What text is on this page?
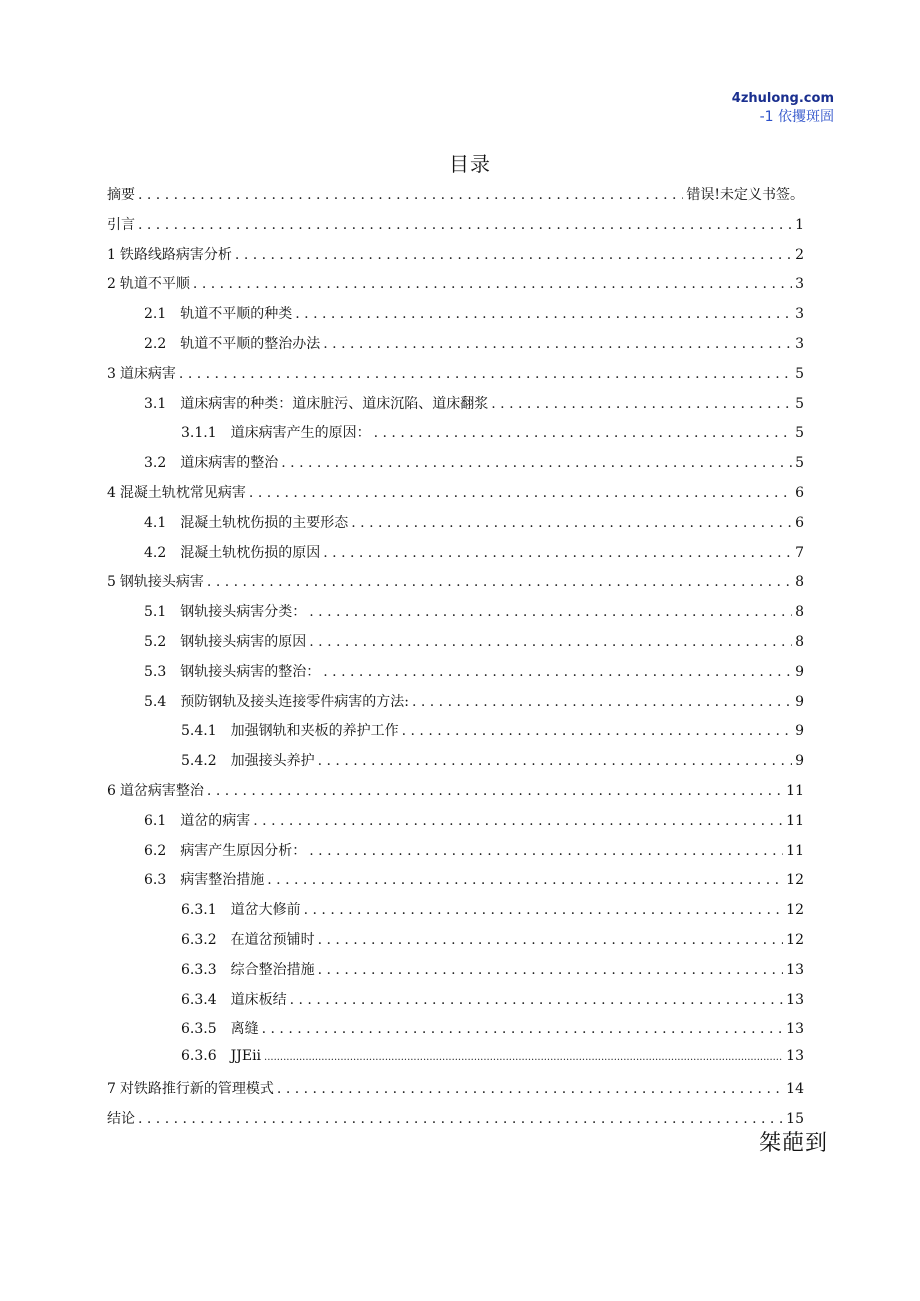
4zhulong.com
-1 依攫斑圄
目录
摘要 . . .	错误!未定义书签。
引言 . . .	1
1 铁路线路病害分析 . . .	2
2 轨道不平顺 . . .	3
2.1 轨道不平顺的种类 . . .	3
2.2 轨道不平顺的整治办法 . . .	3
3 道床病害 . . .	5
3.1 道床病害的种类：道床脏污、道床沉陷、道床翻浆 . . .	5
3.1.1 道床病害产生的原因： . . .	5
3.2 道床病害的整治 . . .	5
4 混凝土轨枕常见病害 . . .	6
4.1 混凝土轨枕伤损的主要形态 . . .	6
4.2 混凝土轨枕伤损的原因 . . .	7
5 钢轨接头病害 . . .	8
5.1 钢轨接头病害分类： . . .	8
5.2 钢轨接头病害的原因 . . .	8
5.3 钢轨接头病害的整治： . . .	9
5.4 预防钢轨及接头连接零件病害的方法: . . .	9
5.4.1 加强钢轨和夹板的养护工作 . . .	9
5.4.2 加强接头养护 . . .	9
6 道岔病害整治 . . .	11
6.1 道岔的病害 . . .	11
6.2 病害产生原因分析： . . .	11
6.3 病害整治措施 . . .	12
6.3.1 道岔大修前 . . .	12
6.3.2 在道岔预铺时 . . .	12
6.3.3 综合整治措施 . . .	13
6.3.4 道床板结 . . .	13
6.3.5 离缝 . . .	13
6.3.6 JJEii .....	13
7 对铁路推行新的管理模式 . . .	14
结论 . . .	15
桀葩到
